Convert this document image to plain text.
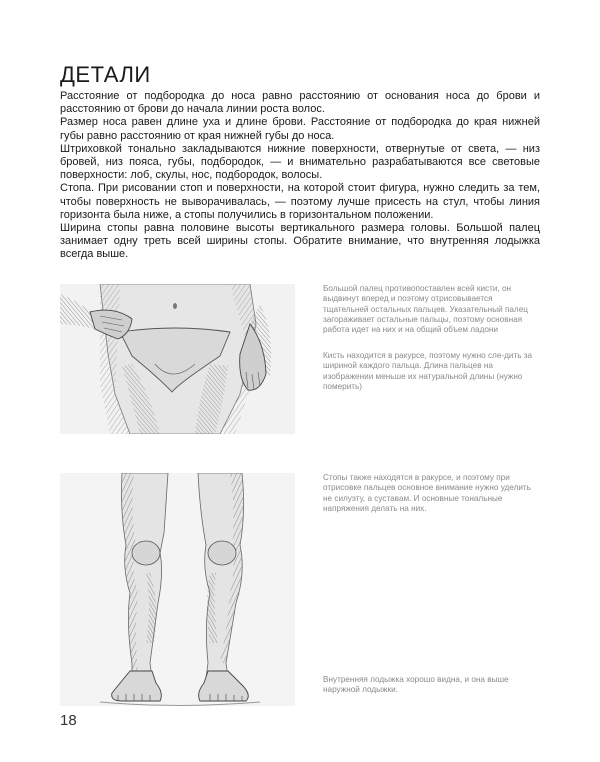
ДЕТАЛИ

Расстояние от подбородка до носа равно расстоянию от основания носа до брови и расстоянию от брови до начала линии роста волос.

Размер носа равен длине уха и длине брови. Расстояние от подбородка до края нижней губы равно расстоянию от края нижней губы до носа.

Штриховкой тонально закладываются нижние поверхности, отвернутые от света, — низ бровей, низ пояса, губы, подбородок, — и внимательно разрабатываются все световые поверхности: лоб, скулы, нос, подбородок, волосы.

Стопа. При рисовании стоп и поверхности, на которой стоит фигура, нужно следить за тем, чтобы поверхность не выворачивалась, — поэтому лучше присесть на стул, чтобы линия горизонта была ниже, а стопы получились в горизонтальном положении.

Ширина стопы равна половине высоты вертикального размера головы. Большой палец занимает одну треть всей ширины стопы. Обратите внимание, что внутренняя лодыжка всегда выше.

Большой палец противопоставлен всей кисти, он выдвинут вперед и поэтому отрисовывается тщательней остальных пальцев. Указательный палец загораживает остальные пальцы, поэтому основная работа идет на них и на общий объем ладони

Кисть находится в ракурсе, поэтому нужно сле-дить за шириной каждого пальца. Длина пальцев на изображении меньше их натуральной длины (нужно померить)

Стопы также находятся в ракурсе, и поэтому при отрисовке пальцев основное внимание нужно уделить не силуэту, а суставам. И основные тональные напряжения делать на них.

Внутренняя лодыжка хорошо видна, и она выше наружной лодыжки.

18
